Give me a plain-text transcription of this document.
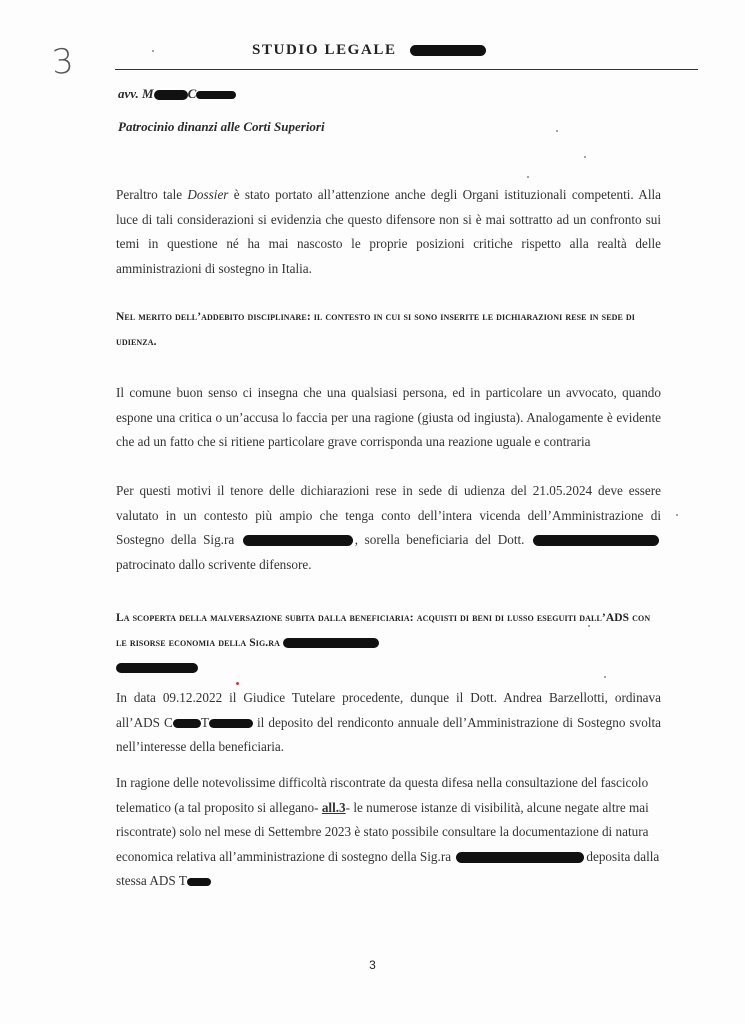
3	STUDIO LEGALE
avv. M	C
Patrocinio dinanzi alle Corti Superiori

Peraltro tale Dossier è stato portato all’attenzione anche degli Organi istituzionali competenti. Alla luce di tali considerazioni si evidenzia che questo difensore non si è mai sottratto ad un confronto sui temi in questione né ha mai nascosto le proprie posizioni critiche rispetto alla realtà delle amministrazioni di sostegno in Italia.

Nel merito dell’addebito disciplinare: il contesto in cui si sono inserite le dichiarazioni rese in sede di udienza.

Il comune buon senso ci insegna che una qualsiasi persona, ed in particolare un avvocato, quando espone una critica o un’accusa lo faccia per una ragione (giusta od ingiusta). Analogamente è evidente che ad un fatto che si ritiene particolare grave corrisponda una reazione uguale e contraria

Per questi motivi il tenore delle dichiarazioni rese in sede di udienza del 21.05.2024 deve essere valutato in un contesto più ampio che tenga conto dell’intera vicenda dell’Amministrazione di Sostegno della Sig.ra	, sorella beneficiaria del Dott.  patrocinato dallo scrivente difensore.

La scoperta della malversazione subita dalla beneficiaria: acquisti di beni di lusso eseguiti dall’ADS con le risorse economia della Sig.ra

In data 09.12.2022 il Giudice Tutelare procedente, dunque il Dott. Andrea Barzellotti, ordinava all’ADS C T	il deposito del rendiconto annuale dell’Amministrazione di Sostegno svolta nell’interesse della beneficiaria.

In ragione delle notevolissime difficoltà riscontrate da questa difesa nella consultazione del fascicolo telematico (a tal proposito si allegano- all.3- le numerose istanze di visibilità, alcune negate altre mai riscontrate) solo nel mese di Settembre 2023 è stato possibile consultare la documentazione di natura economica relativa all’amministrazione di sostegno della Sig.ra	deposita dalla stessa ADS T

3
